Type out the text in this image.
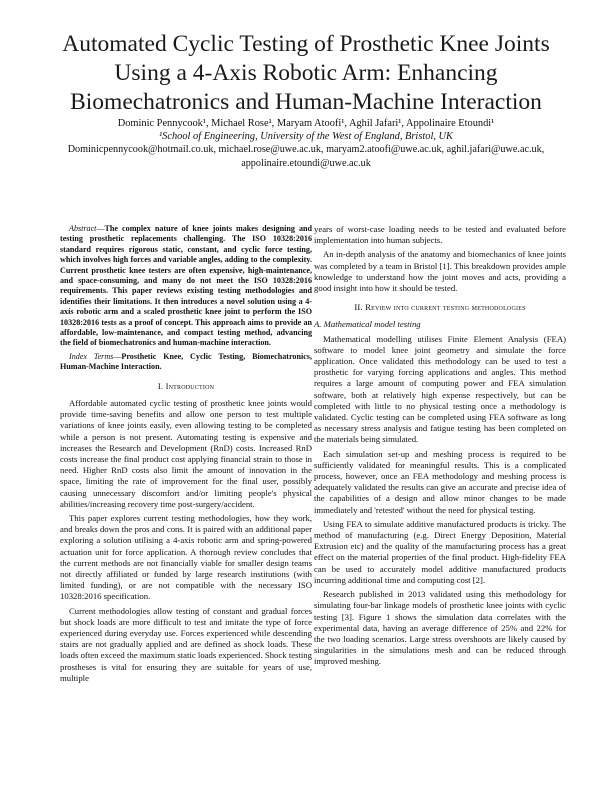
Automated Cyclic Testing of Prosthetic Knee Joints
Using a 4-Axis Robotic Arm: Enhancing
Biomechatronics and Human-Machine Interaction
Dominic Pennycook¹, Michael Rose¹, Maryam Atoofi¹, Aghil Jafari¹, Appolinaire Etoundi¹
¹School of Engineering, University of the West of England, Bristol, UK
Dominicpennycook@hotmail.co.uk, michael.rose@uwe.ac.uk, maryam2.atoofi@uwe.ac.uk, aghil.jafari@uwe.ac.uk,
appolinaire.etoundi@uwe.ac.uk

Abstract—The complex nature of knee joints makes designing and testing prosthetic replacements challenging. The ISO 10328:2016 standard requires rigorous static, constant, and cyclic force testing, which involves high forces and variable angles, adding to the complexity. Current prosthetic knee testers are often expensive, high-maintenance, and space-consuming, and many do not meet the ISO 10328:2016 requirements. This paper reviews existing testing methodologies and identifies their limitations. It then introduces a novel solution using a 4-axis robotic arm and a scaled prosthetic knee joint to perform the ISO 10328:2016 tests as a proof of concept. This approach aims to provide an affordable, low-maintenance, and compact testing method, advancing the field of biomechatronics and human-machine interaction.

Index Terms—Prosthetic Knee, Cyclic Testing, Biomechatronics, Human-Machine Interaction.

I. Introduction

Affordable automated cyclic testing of prosthetic knee joints would provide time-saving benefits and allow one person to test multiple variations of knee joints easily, even allowing testing to be completed while a person is not present. Automating testing is expensive and increases the Research and Development (RnD) costs. Increased RnD costs increase the final product cost applying financial strain to those in need. Higher RnD costs also limit the amount of innovation in the space, limiting the rate of improvement for the final user, possibly causing unnecessary discomfort and/or limiting people's physical abilities/increasing recovery time post-surgery/accident.

This paper explores current testing methodologies, how they work, and breaks down the pros and cons. It is paired with an additional paper exploring a solution utilising a 4-axis robotic arm and spring-powered actuation unit for force application. A thorough review concludes that the current methods are not financially viable for smaller design teams not directly affiliated or funded by large research institutions (with limited funding), or are not compatible with the necessary ISO 10328:2016 specification.

Current methodologies allow testing of constant and gradual forces but shock loads are more difficult to test and imitate the type of force experienced during everyday use. Forces experienced while descending stairs are not gradually applied and are defined as shock loads. These loads often exceed the maximum static loads experienced. Shock testing prostheses is vital for ensuring they are suitable for years of use, multiple

years of worst-case loading needs to be tested and evaluated before implementation into human subjects.

An in-depth analysis of the anatomy and biomechanics of knee joints was completed by a team in Bristol [1]. This breakdown provides ample knowledge to understand how the joint moves and acts, providing a good insight into how it should be tested.

II. Review into current testing methodologies

A. Mathematical model testing

Mathematical modelling utilises Finite Element Analysis (FEA) software to model knee joint geometry and simulate the force application. Once validated this methodology can be used to test a prosthetic for varying forcing applications and angles. This method requires a large amount of computing power and FEA simulation software, both at relatively high expense respectively, but can be completed with little to no physical testing once a methodology is validated. Cyclic testing can be completed using FEA software as long as necessary stress analysis and fatigue testing has been completed on the materials being simulated.

Each simulation set-up and meshing process is required to be sufficiently validated for meaningful results. This is a complicated process, however, once an FEA methodology and meshing process is adequately validated the results can give an accurate and precise idea of the capabilities of a design and allow minor changes to be made immediately and 'retested' without the need for physical testing.

Using FEA to simulate additive manufactured products is tricky. The method of manufacturing (e.g. Direct Energy Deposition, Material Extrusion etc) and the quality of the manufacturing process has a great effect on the material properties of the final product. High-fidelity FEA can be used to accurately model additive manufactured products incurring additional time and computing cost [2].

Research published in 2013 validated using this methodology for simulating four-bar linkage models of prosthetic knee joints with cyclic testing [3]. Figure 1 shows the simulation data correlates with the experimental data, having an average difference of 25% and 22% for the two loading scenarios. Large stress overshoots are likely caused by singularities in the simulations mesh and can be reduced through improved meshing.
